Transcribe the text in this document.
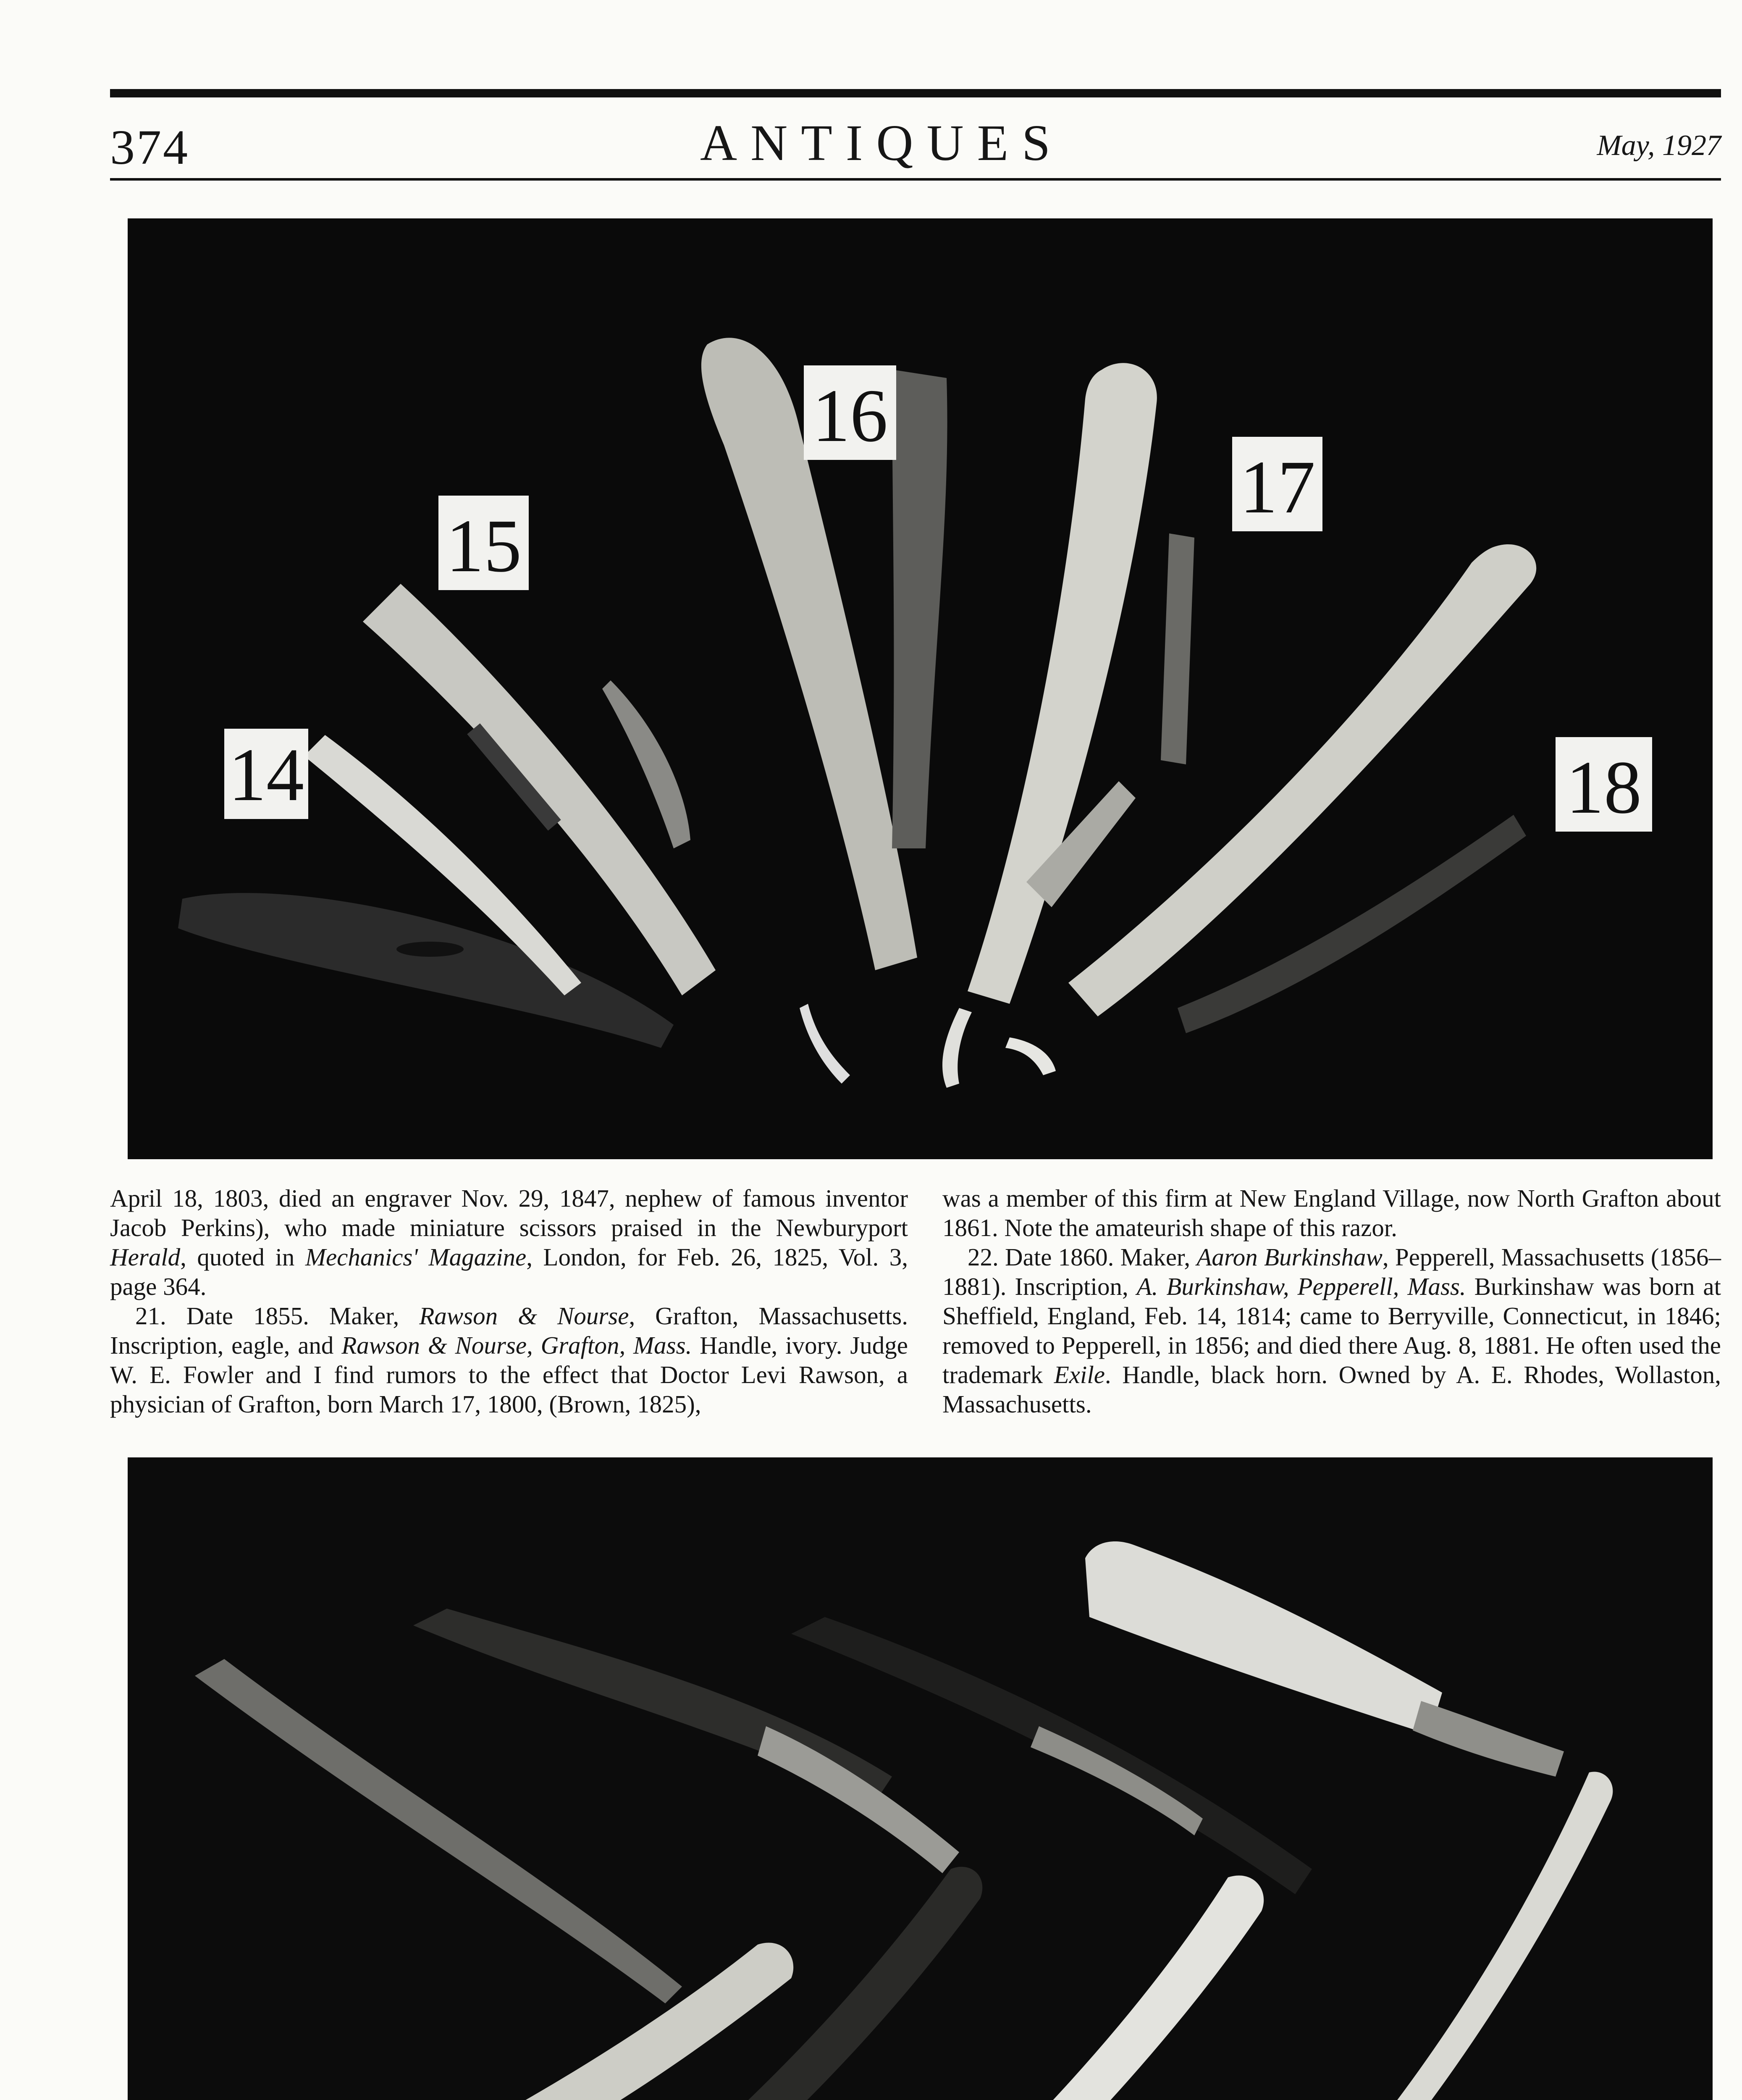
374	ANTIQUES	May, 1927
14
15
16
17
18

April 18, 1803, died an engraver Nov. 29, 1847, nephew of famous inventor Jacob Perkins), who made miniature scissors praised in the Newburyport Herald, quoted in Mechanics' Magazine, London, for Feb. 26, 1825, Vol. 3, page 364.

21. Date 1855. Maker, Rawson & Nourse, Grafton, Massachusetts. Inscription, eagle, and Rawson & Nourse, Grafton, Mass. Handle, ivory. Judge W. E. Fowler and I find rumors to the effect that Doctor Levi Rawson, a physician of Grafton, born March 17, 1800, (Brown, 1825),

was a member of this firm at New England Village, now North Grafton about 1861. Note the amateurish shape of this razor.

22. Date 1860. Maker, Aaron Burkinshaw, Pepperell, Massachusetts (1856–1881). Inscription, A. Burkinshaw, Pepperell, Mass. Burkinshaw was born at Sheffield, England, Feb. 14, 1814; came to Berryville, Connecticut, in 1846; removed to Pepperell, in 1856; and died there Aug. 8, 1881. He often used the trademark Exile. Handle, black horn. Owned by A. E. Rhodes, Wollaston, Massachusetts.
